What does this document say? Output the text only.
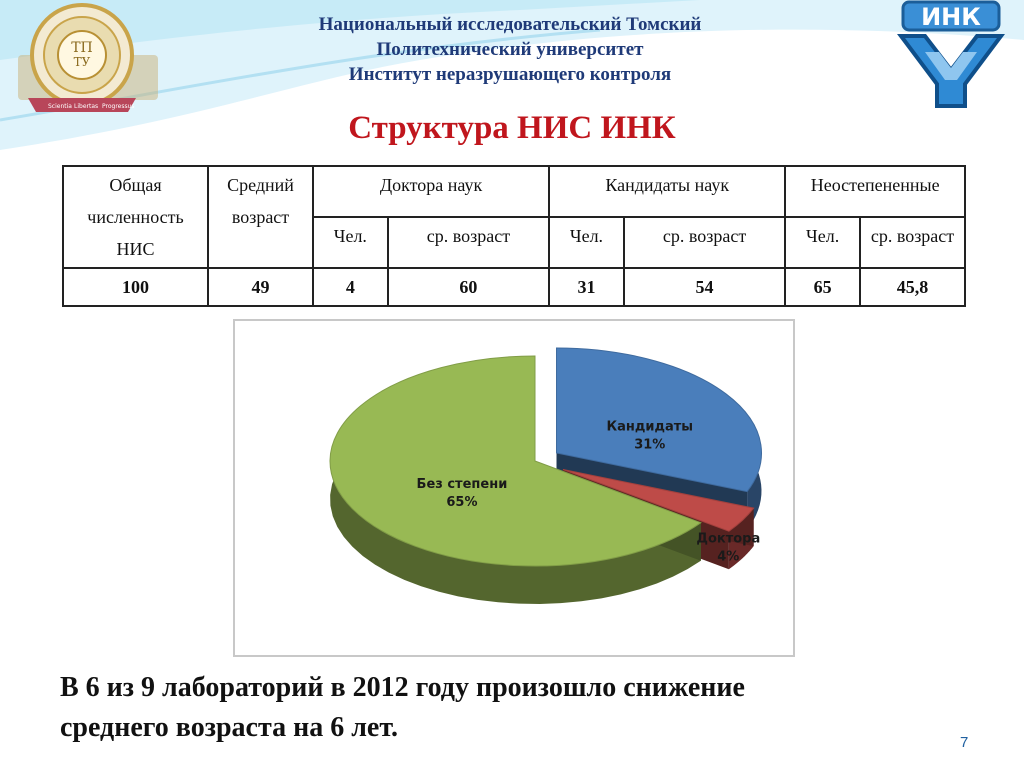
ТП
ТУ
Scientia Libertas Progressus
ИНК
Национальный исследовательский Томский
Политехнический университет
Институт неразрушающего контроля
Структура НИС ИНК
Общая численность НИС	Средний возраст	Доктора наук		Кандидаты наук		Неостепененные	
		Чел.	ср. возраст	Чел.	ср. возраст	Чел.	ср. возраст
100	49	4	60	31	54	65	45,8
Кандидаты
31%
Доктора
4%
Без степени
65%
В 6 из 9 лабораторий в 2012 году произошло снижение
среднего возраста на 6 лет.	7
